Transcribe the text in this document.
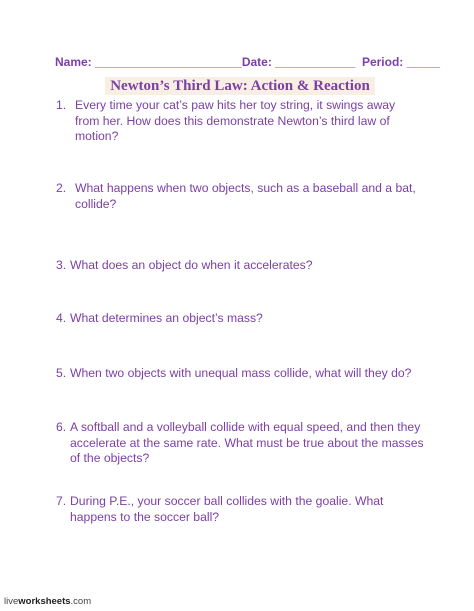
Name: ______________________Date: ____________ Period: _____
Newton’s Third Law: Action & Reaction
1. Every time your cat’s paw hits her toy string, it swings away from her. How does this demonstrate Newton’s third law of motion?
2. What happens when two objects, such as a baseball and a bat, collide?
3. What does an object do when it accelerates?
4. What determines an object’s mass?
5. When two objects with unequal mass collide, what will they do?
6. A softball and a volleyball collide with equal speed, and then they accelerate at the same rate. What must be true about the masses of the objects?
7. During P.E., your soccer ball collides with the goalie. What happens to the soccer ball?
liveworksheets.com
